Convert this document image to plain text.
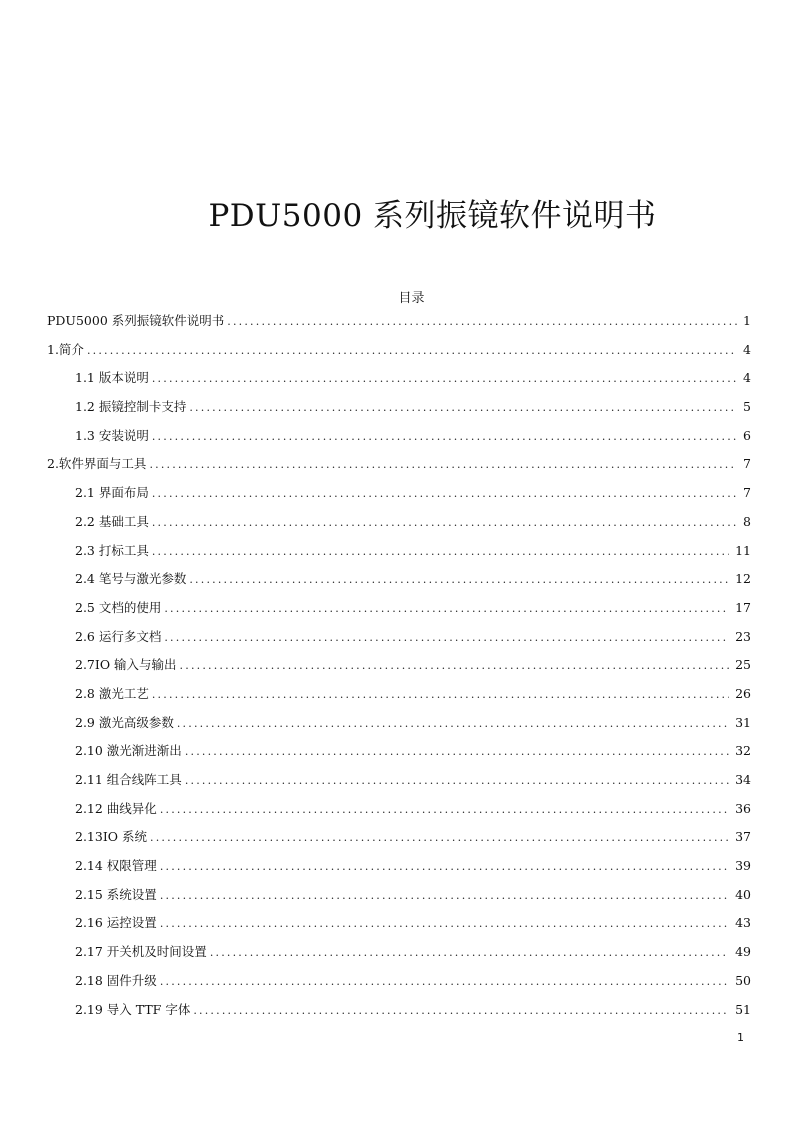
PDU5000 系列振镜软件说明书
目录
PDU5000 系列振镜软件说明书 .....	1
1.简介 .....	4
1.1 版本说明 .....	4
1.2 振镜控制卡支持 .....	5
1.3 安装说明 .....	6
2.软件界面与工具 .....	7
2.1 界面布局 .....	7
2.2 基础工具 .....	8
2.3 打标工具 .....	11
2.4 笔号与激光参数 .....	12
2.5 文档的使用 .....	17
2.6 运行多文档 .....	23
2.7IO 输入与输出 .....	25
2.8 激光工艺 .....	26
2.9 激光高级参数 .....	31
2.10 激光渐进渐出 .....	32
2.11 组合线阵工具 .....	34
2.12 曲线异化 .....	36
2.13IO 系统 .....	37
2.14 权限管理 .....	39
2.15 系统设置 .....	40
2.16 运控设置 .....	43
2.17 开关机及时间设置 .....	49
2.18 固件升级 .....	50
2.19 导入 TTF 字体 .....	51
1
